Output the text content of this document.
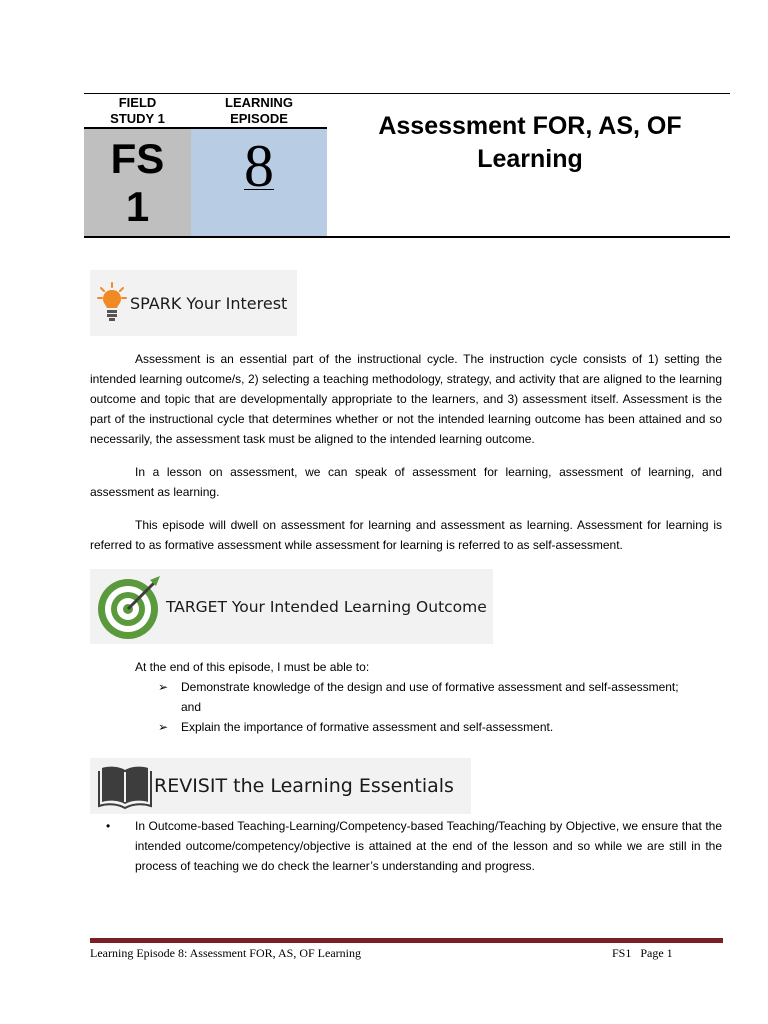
FIELD
STUDY 1
LEARNING
EPISODE
FS
1
8
Assessment FOR, AS, OF
Learning
SPARK Your Interest
Assessment is an essential part of the instructional cycle. The instruction cycle consists of 1) setting the intended learning outcome/s, 2) selecting a teaching methodology, strategy, and activity that are aligned to the learning outcome and topic that are developmentally appropriate to the learners, and 3) assessment itself. Assessment is the part of the instructional cycle that determines whether or not the intended learning outcome has been attained and so necessarily, the assessment task must be aligned to the intended learning outcome.
In a lesson on assessment, we can speak of assessment for learning, assessment of learning, and assessment as learning.
This episode will dwell on assessment for learning and assessment as learning. Assessment for learning is referred to as formative assessment while assessment for learning is referred to as self-assessment.
TARGET Your Intended Learning Outcome
At the end of this episode, I must be able to:
➢ Demonstrate knowledge of the design and use of formative assessment and self-assessment;
and
➢ Explain the importance of formative assessment and self-assessment.
REVISIT the Learning Essentials
• In Outcome-based Teaching-Learning/Competency-based Teaching/Teaching by Objective, we ensure that the intended outcome/competency/objective is attained at the end of the lesson and so while we are still in the process of teaching we do check the learner’s understanding and progress.
Learning Episode 8: Assessment FOR, AS, OF Learning	FS1   Page 1
